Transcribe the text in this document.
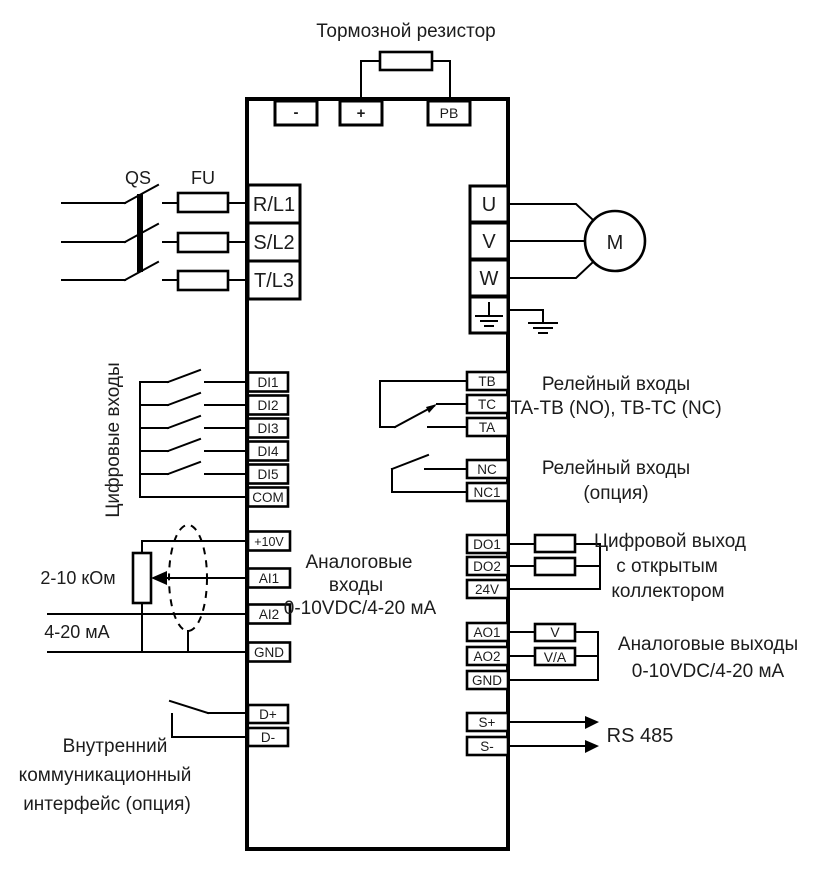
Тормозной резистор
-	+	PB
QS FU
R/L1
S/L2
T/L3
U
V
W
M
Цифровые входы	DI1
DI2
DI3
DI4
DI5
COM
2-10 кОм
4-20 мА
+10V
AI1
AI2
GND
Аналоговые
входы
0-10VDC/4-20 мА
TB
TC
TA
Релейный входы
TA-TB (NO), TB-TC (NC)
NC
NC1
Релейный входы
(опция)
DO1
DO2
24V
Цифровой выход
с открытым
коллектором
V
V/A
AO1
AO2
GND
Аналоговые выходы
0-10VDC/4-20 мА
S+
S-	RS 485
D+
D-
Внутренний
коммуникационный
интерфейс (опция)
